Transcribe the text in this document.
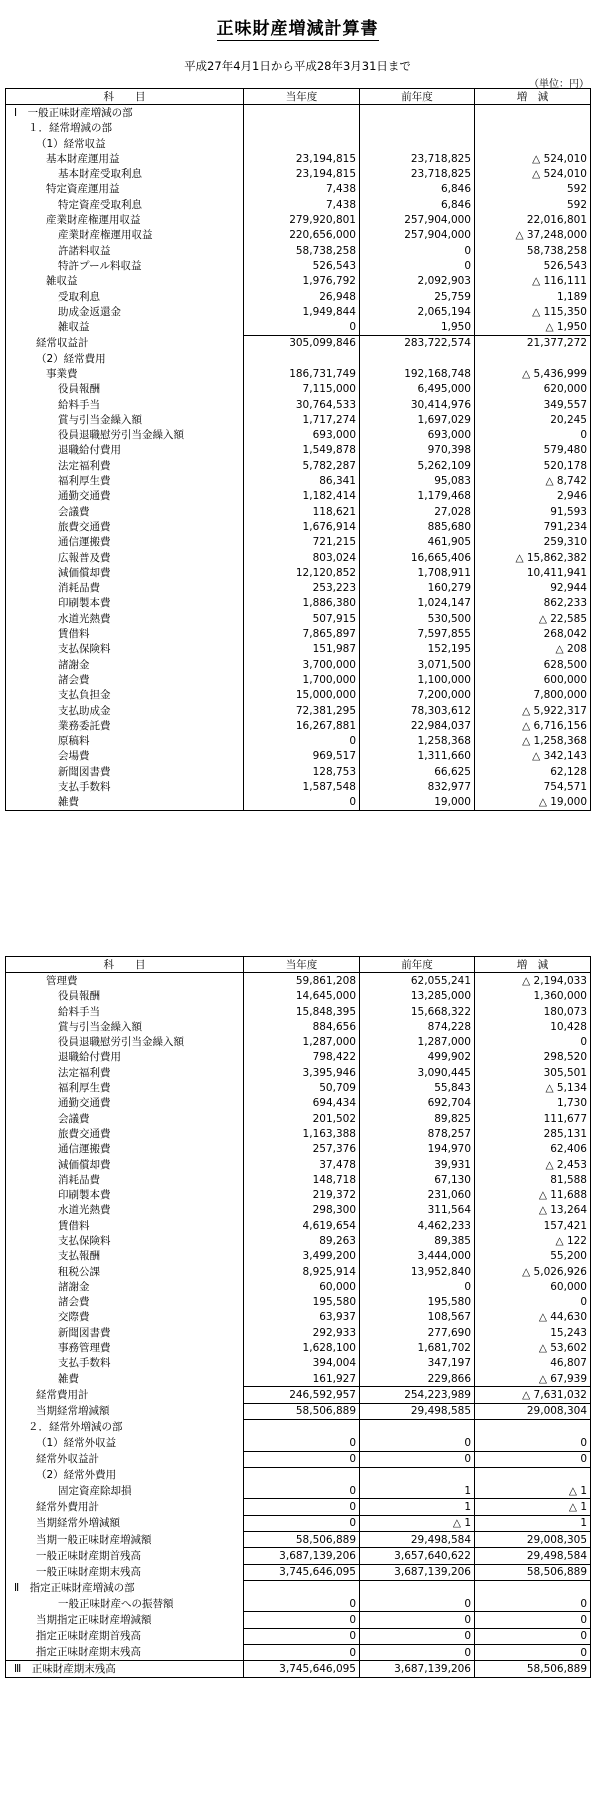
正味財産増減計算書
平成27年4月1日から平成28年3月31日まで
（単位：円）
科　　目	当年度	前年度	増　減
Ⅰ　一般正味財産増減の部			
１．経常増減の部			
（1）経常収益			
基本財産運用益	23,194,815	23,718,825	△ 524,010
基本財産受取利息	23,194,815	23,718,825	△ 524,010
特定資産運用益	7,438	6,846	592
特定資産受取利息	7,438	6,846	592
産業財産権運用収益	279,920,801	257,904,000	22,016,801
産業財産権運用収益	220,656,000	257,904,000	△ 37,248,000
許諾料収益	58,738,258	0	58,738,258
特許プール料収益	526,543	0	526,543
雑収益	1,976,792	2,092,903	△ 116,111
受取利息	26,948	25,759	1,189
助成金返還金	1,949,844	2,065,194	△ 115,350
雑収益	0	1,950	△ 1,950
経常収益計	305,099,846	283,722,574	21,377,272
（2）経常費用			
事業費	186,731,749	192,168,748	△ 5,436,999
役員報酬	7,115,000	6,495,000	620,000
給料手当	30,764,533	30,414,976	349,557
賞与引当金繰入額	1,717,274	1,697,029	20,245
役員退職慰労引当金繰入額	693,000	693,000	0
退職給付費用	1,549,878	970,398	579,480
法定福利費	5,782,287	5,262,109	520,178
福利厚生費	86,341	95,083	△ 8,742
通勤交通費	1,182,414	1,179,468	2,946
会議費	118,621	27,028	91,593
旅費交通費	1,676,914	885,680	791,234
通信運搬費	721,215	461,905	259,310
広報普及費	803,024	16,665,406	△ 15,862,382
減価償却費	12,120,852	1,708,911	10,411,941
消耗品費	253,223	160,279	92,944
印刷製本費	1,886,380	1,024,147	862,233
水道光熱費	507,915	530,500	△ 22,585
賃借料	7,865,897	7,597,855	268,042
支払保険料	151,987	152,195	△ 208
諸謝金	3,700,000	3,071,500	628,500
諸会費	1,700,000	1,100,000	600,000
支払負担金	15,000,000	7,200,000	7,800,000
支払助成金	72,381,295	78,303,612	△ 5,922,317
業務委託費	16,267,881	22,984,037	△ 6,716,156
原稿料	0	1,258,368	△ 1,258,368
会場費	969,517	1,311,660	△ 342,143
新聞図書費	128,753	66,625	62,128
支払手数料	1,587,548	832,977	754,571
雑費	0	19,000	△ 19,000
科　　目	当年度	前年度	増　減
管理費	59,861,208	62,055,241	△ 2,194,033
役員報酬	14,645,000	13,285,000	1,360,000
給料手当	15,848,395	15,668,322	180,073
賞与引当金繰入額	884,656	874,228	10,428
役員退職慰労引当金繰入額	1,287,000	1,287,000	0
退職給付費用	798,422	499,902	298,520
法定福利費	3,395,946	3,090,445	305,501
福利厚生費	50,709	55,843	△ 5,134
通勤交通費	694,434	692,704	1,730
会議費	201,502	89,825	111,677
旅費交通費	1,163,388	878,257	285,131
通信運搬費	257,376	194,970	62,406
減価償却費	37,478	39,931	△ 2,453
消耗品費	148,718	67,130	81,588
印刷製本費	219,372	231,060	△ 11,688
水道光熱費	298,300	311,564	△ 13,264
賃借料	4,619,654	4,462,233	157,421
支払保険料	89,263	89,385	△ 122
支払報酬	3,499,200	3,444,000	55,200
租税公課	8,925,914	13,952,840	△ 5,026,926
諸謝金	60,000	0	60,000
諸会費	195,580	195,580	0
交際費	63,937	108,567	△ 44,630
新聞図書費	292,933	277,690	15,243
事務管理費	1,628,100	1,681,702	△ 53,602
支払手数料	394,004	347,197	46,807
雑費	161,927	229,866	△ 67,939
経常費用計	246,592,957	254,223,989	△ 7,631,032
当期経常増減額	58,506,889	29,498,585	29,008,304
２．経常外増減の部			
（1）経常外収益	0	0	0
経常外収益計	0	0	0
（2）経常外費用			
固定資産除却損	0	1	△ 1
経常外費用計	0	1	△ 1
当期経常外増減額	0	△ 1	1
当期一般正味財産増減額	58,506,889	29,498,584	29,008,305
一般正味財産期首残高	3,687,139,206	3,657,640,622	29,498,584
一般正味財産期末残高	3,745,646,095	3,687,139,206	58,506,889
Ⅱ　指定正味財産増減の部			
一般正味財産への振替額	0	0	0
当期指定正味財産増減額	0	0	0
指定正味財産期首残高	0	0	0
指定正味財産期末残高	0	0	0
Ⅲ　正味財産期末残高	3,745,646,095	3,687,139,206	58,506,889
